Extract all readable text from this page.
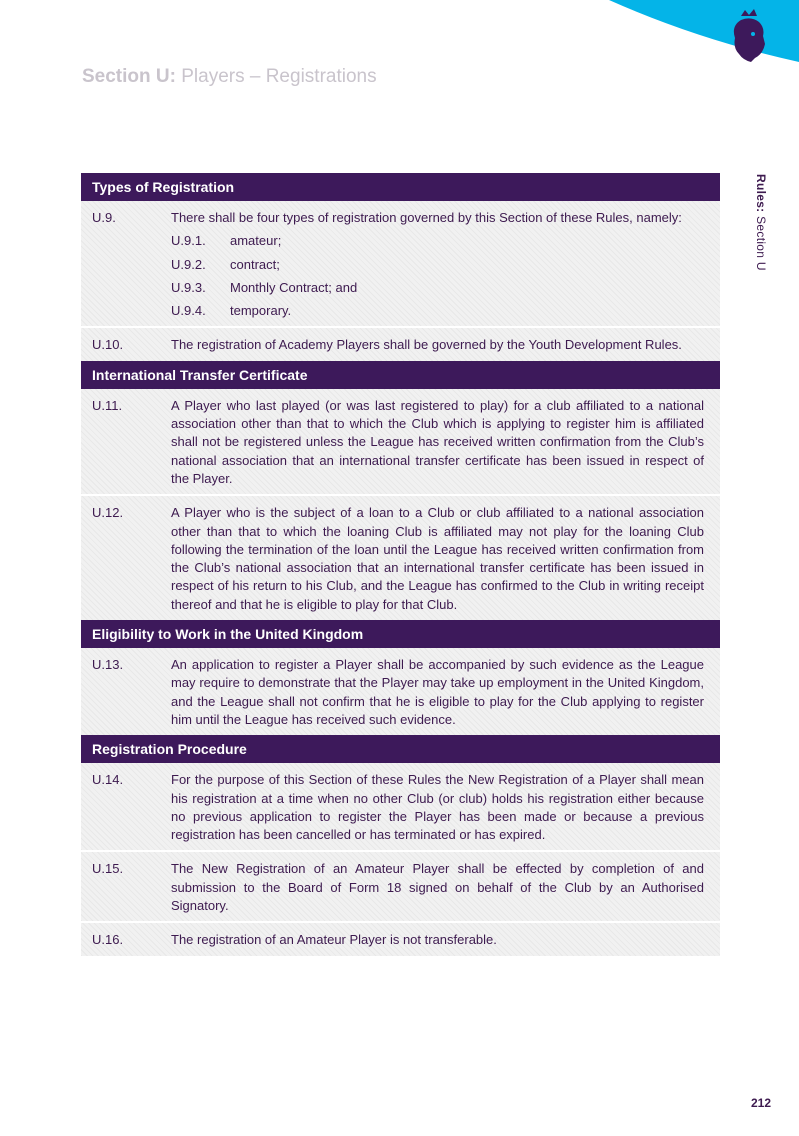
Section U: Players – Registrations
Rules: Section U
Types of Registration
U.9.	There shall be four types of registration governed by this Section of these Rules, namely:
U.9.1.	amateur;
U.9.2.	contract;
U.9.3.	Monthly Contract; and
U.9.4.	temporary.
U.10.	The registration of Academy Players shall be governed by the Youth Development Rules.
International Transfer Certificate
U.11.	A Player who last played (or was last registered to play) for a club affiliated to a national association other than that to which the Club which is applying to register him is affiliated shall not be registered unless the League has received written confirmation from the Club’s national association that an international transfer certificate has been issued in respect of the Player.
U.12.	A Player who is the subject of a loan to a Club or club affiliated to a national association other than that to which the loaning Club is affiliated may not play for the loaning Club following the termination of the loan until the League has received written confirmation from the Club’s national association that an international transfer certificate has been issued in respect of his return to his Club, and the League has confirmed to the Club in writing receipt thereof and that he is eligible to play for that Club.
Eligibility to Work in the United Kingdom
U.13.	An application to register a Player shall be accompanied by such evidence as the League may require to demonstrate that the Player may take up employment in the United Kingdom, and the League shall not confirm that he is eligible to play for the Club applying to register him until the League has received such evidence.
Registration Procedure
U.14.	For the purpose of this Section of these Rules the New Registration of a Player shall mean his registration at a time when no other Club (or club) holds his registration either because no previous application to register the Player has been made or because a previous registration has been cancelled or has terminated or has expired.
U.15.	The New Registration of an Amateur Player shall be effected by completion of and submission to the Board of Form 18 signed on behalf of the Club by an Authorised Signatory.
U.16.	The registration of an Amateur Player is not transferable.
212
